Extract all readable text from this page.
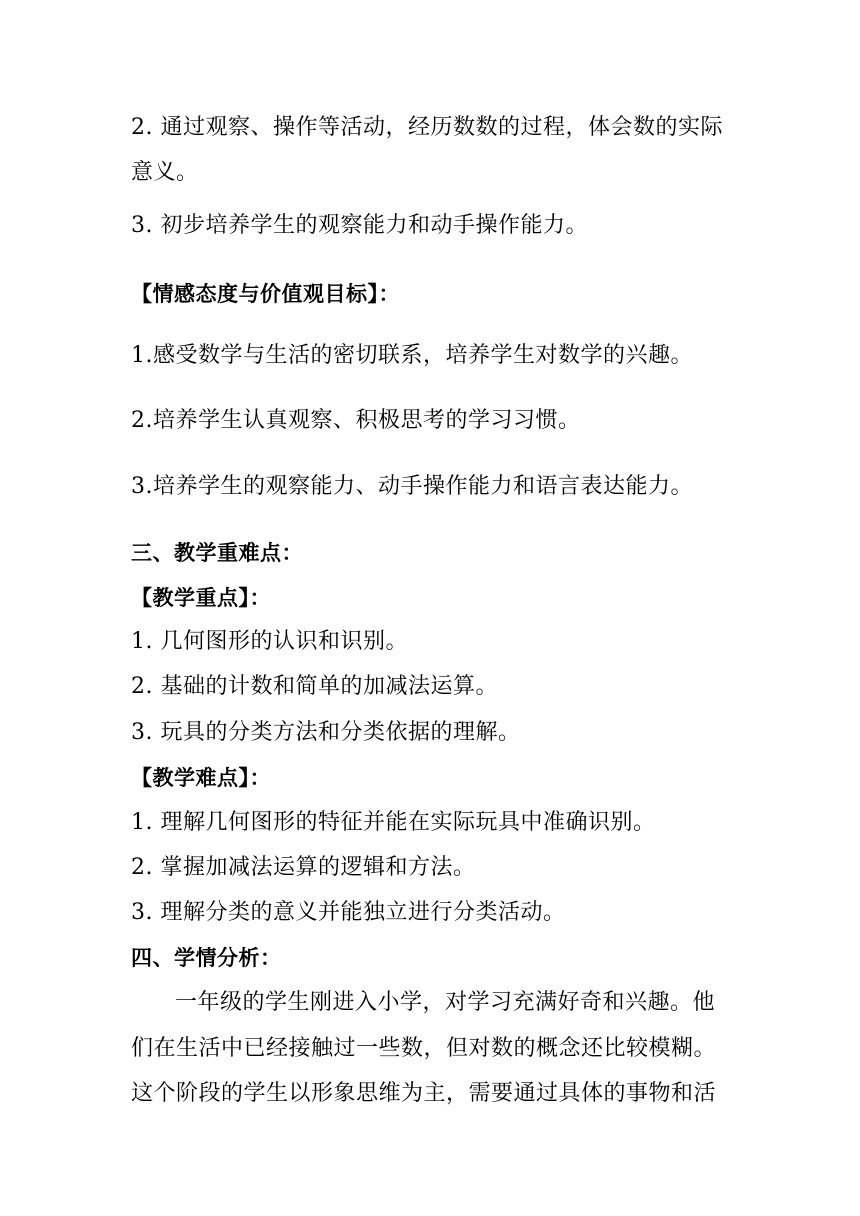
2. 通过观察、操作等活动，经历数数的过程，体会数的实际
意义。
3. 初步培养学生的观察能力和动手操作能力。
【情感态度与价值观目标】：
1.感受数学与生活的密切联系，培养学生对数学的兴趣。
2.培养学生认真观察、积极思考的学习习惯。
3.培养学生的观察能力、动手操作能力和语言表达能力。
三、教学重难点：
【教学重点】：
1. 几何图形的认识和识别。
2. 基础的计数和简单的加减法运算。
3. 玩具的分类方法和分类依据的理解。
【教学难点】：
1. 理解几何图形的特征并能在实际玩具中准确识别。
2. 掌握加减法运算的逻辑和方法。
3. 理解分类的意义并能独立进行分类活动。
四、学情分析：
一年级的学生刚进入小学，对学习充满好奇和兴趣。他
们在生活中已经接触过一些数，但对数的概念还比较模糊。
这个阶段的学生以形象思维为主，需要通过具体的事物和活
